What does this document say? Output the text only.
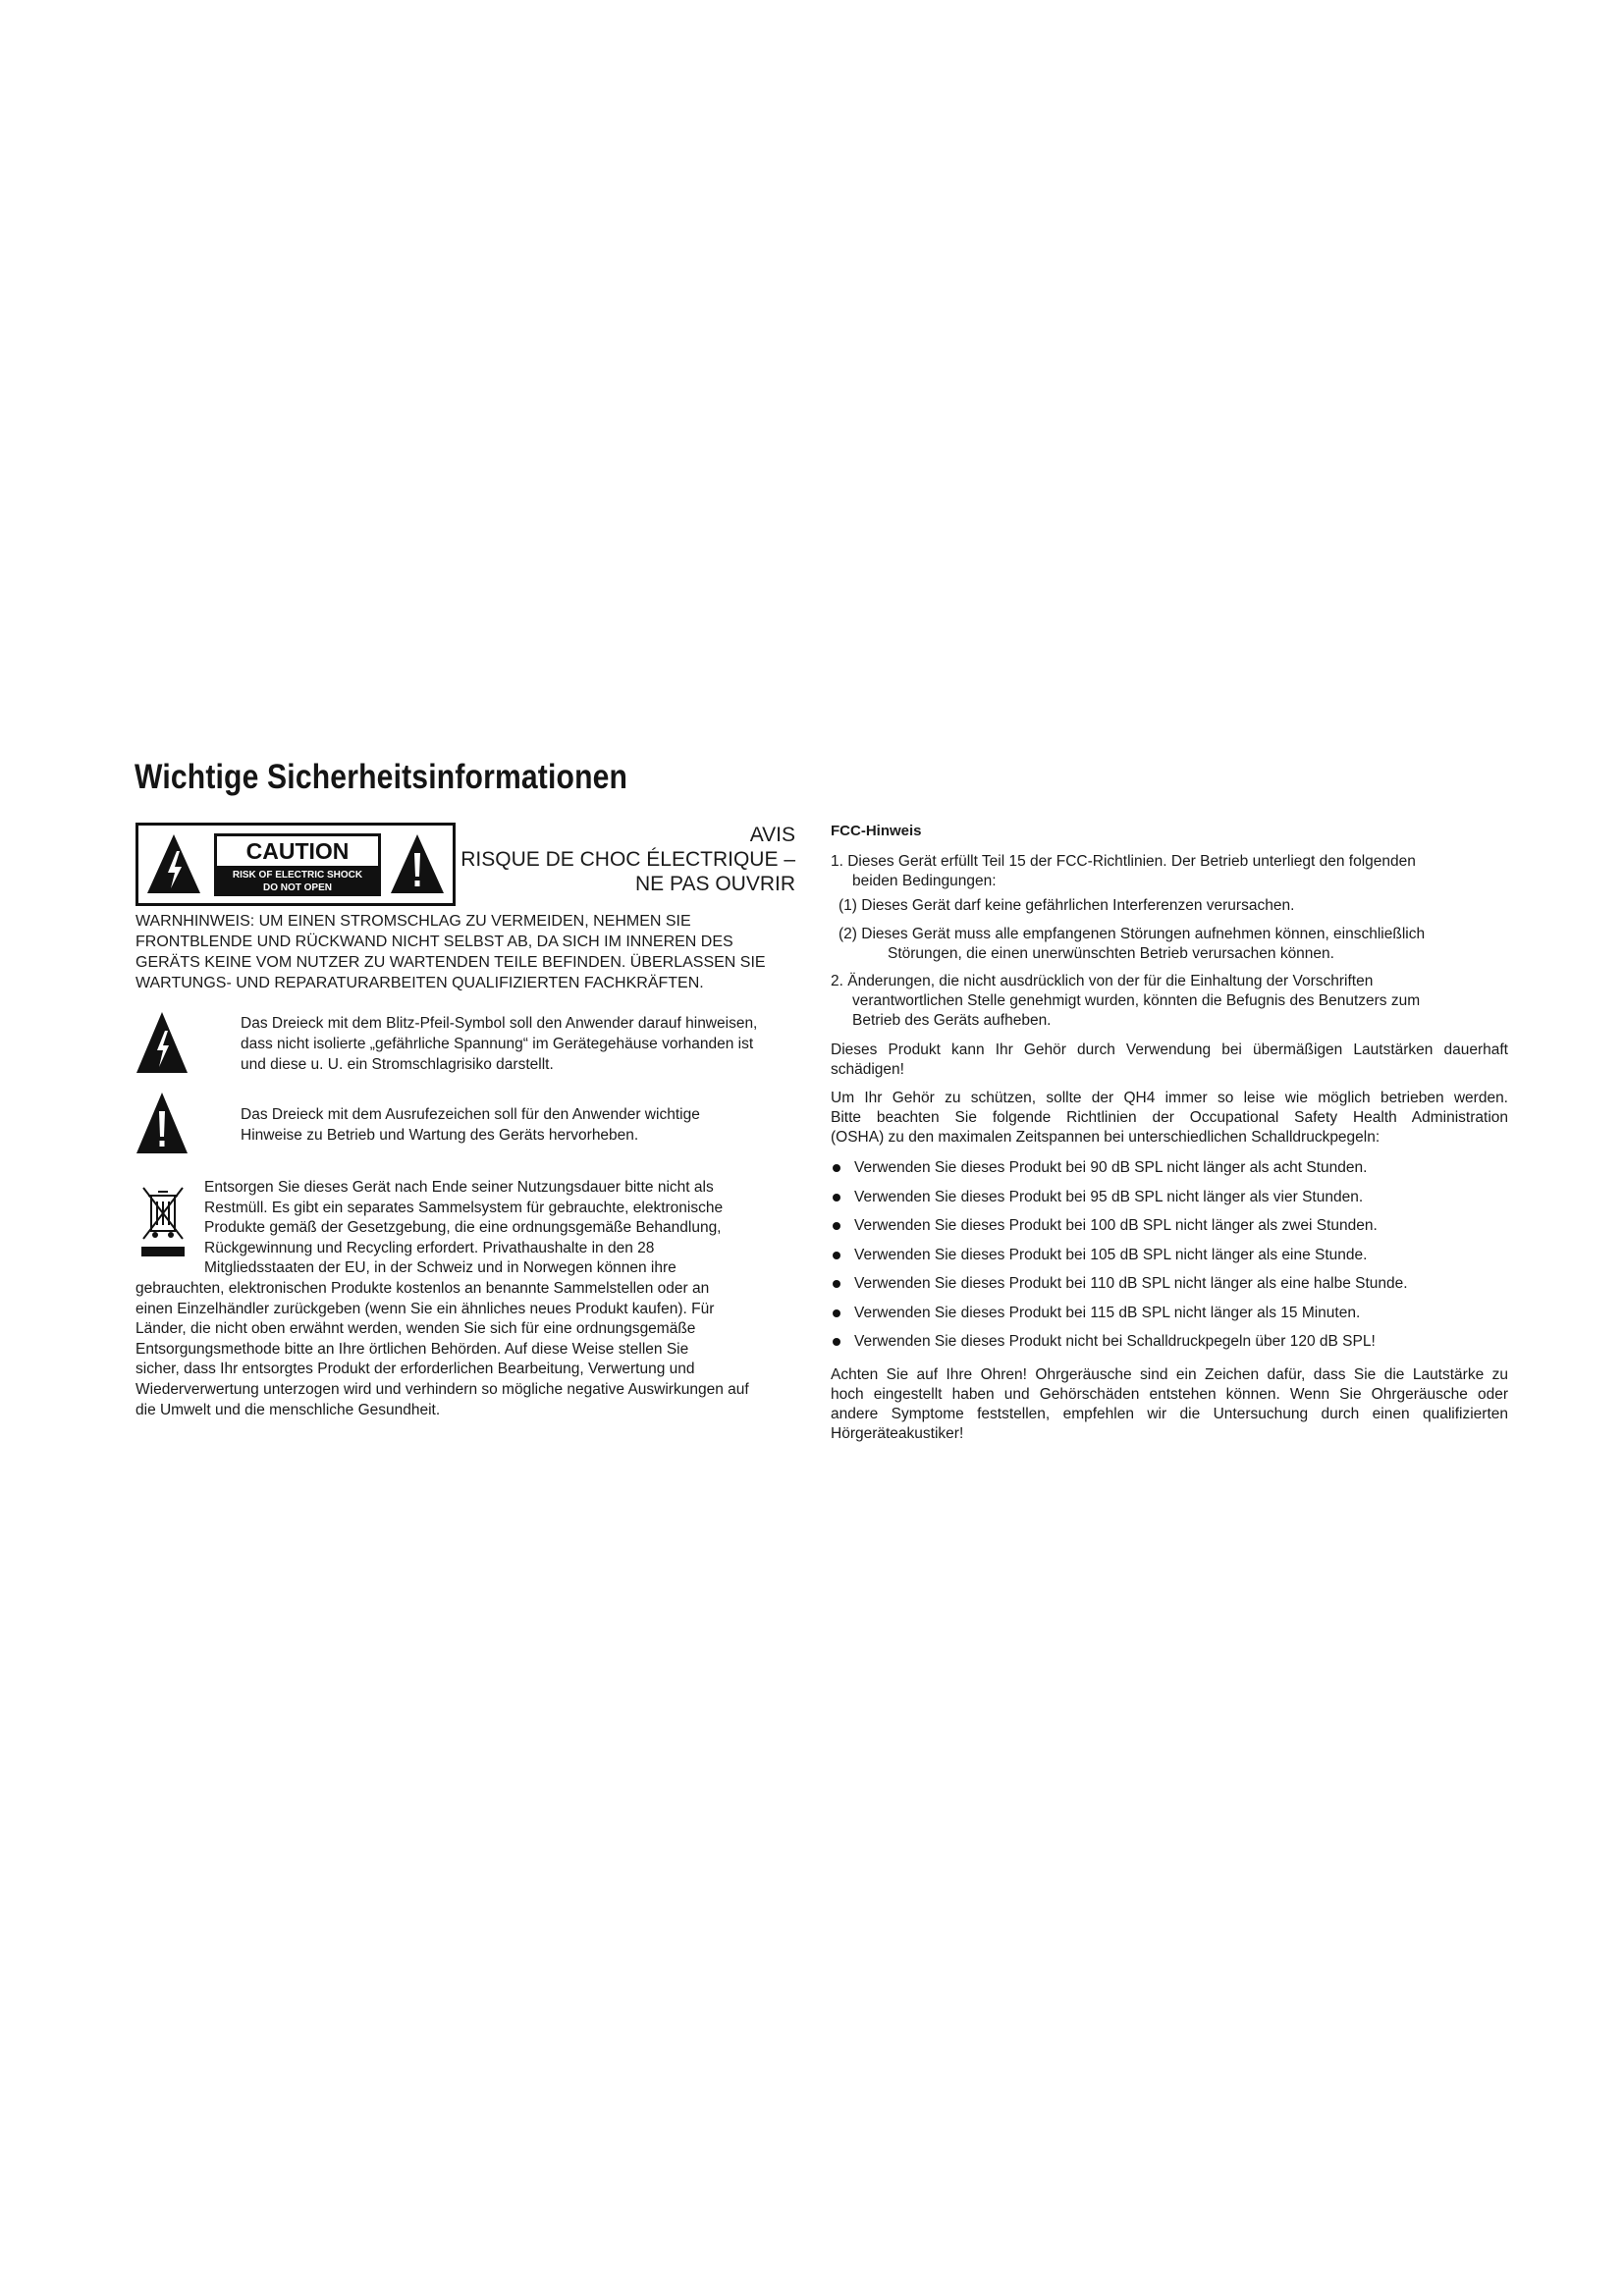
Wichtige Sicherheitsinformationen
CAUTION
RISK OF ELECTRIC SHOCK
DO NOT OPEN
AVIS
RISQUE DE CHOC ÉLECTRIQUE –
NE PAS OUVRIR
WARNHINWEIS: UM EINEN STROMSCHLAG ZU VERMEIDEN, NEHMEN SIE
FRONTBLENDE UND RÜCKWAND NICHT SELBST AB, DA SICH IM INNEREN DES
GERÄTS KEINE VOM NUTZER ZU WARTENDEN TEILE BEFINDEN. ÜBERLASSEN SIE
WARTUNGS- UND REPARATURARBEITEN QUALIFIZIERTEN FACHKRÄFTEN.
Das Dreieck mit dem Blitz-Pfeil-Symbol soll den Anwender darauf hinweisen,
dass nicht isolierte „gefährliche Spannung“ im Gerätegehäuse vorhanden ist
und diese u. U. ein Stromschlagrisiko darstellt.
Das Dreieck mit dem Ausrufezeichen soll für den Anwender wichtige
Hinweise zu Betrieb und Wartung des Geräts hervorheben.
Entsorgen Sie dieses Gerät nach Ende seiner Nutzungsdauer bitte nicht als
Restmüll. Es gibt ein separates Sammelsystem für gebrauchte, elektronische
Produkte gemäß der Gesetzgebung, die eine ordnungsgemäße Behandlung,
Rückgewinnung und Recycling erfordert. Privathaushalte in den 28
Mitgliedsstaaten der EU, in der Schweiz und in Norwegen können ihre
gebrauchten, elektronischen Produkte kostenlos an benannte Sammelstellen oder an
einen Einzelhändler zurückgeben (wenn Sie ein ähnliches neues Produkt kaufen). Für
Länder, die nicht oben erwähnt werden, wenden Sie sich für eine ordnungsgemäße
Entsorgungsmethode bitte an Ihre örtlichen Behörden. Auf diese Weise stellen Sie
sicher, dass Ihr entsorgtes Produkt der erforderlichen Bearbeitung, Verwertung und
Wiederverwertung unterzogen wird und verhindern so mögliche negative Auswirkungen auf
die Umwelt und die menschliche Gesundheit.
FCC-Hinweis
1. Dieses Gerät erfüllt Teil 15 der FCC-Richtlinien. Der Betrieb unterliegt den folgenden
beiden Bedingungen:
(1) Dieses Gerät darf keine gefährlichen Interferenzen verursachen.
(2) Dieses Gerät muss alle empfangenen Störungen aufnehmen können, einschließlich
Störungen, die einen unerwünschten Betrieb verursachen können.
2. Änderungen, die nicht ausdrücklich von der für die Einhaltung der Vorschriften
verantwortlichen Stelle genehmigt wurden, könnten die Befugnis des Benutzers zum
Betrieb des Geräts aufheben.
Dieses Produkt kann Ihr Gehör durch Verwendung bei übermäßigen Lautstärken dauerhaft
schädigen!
Um Ihr Gehör zu schützen, sollte der QH4 immer so leise wie möglich betrieben werden.
Bitte beachten Sie folgende Richtlinien der Occupational Safety Health Administration
(OSHA) zu den maximalen Zeitspannen bei unterschiedlichen Schalldruckpegeln:
Verwenden Sie dieses Produkt bei 90 dB SPL nicht länger als acht Stunden.
Verwenden Sie dieses Produkt bei 95 dB SPL nicht länger als vier Stunden.
Verwenden Sie dieses Produkt bei 100 dB SPL nicht länger als zwei Stunden.
Verwenden Sie dieses Produkt bei 105 dB SPL nicht länger als eine Stunde.
Verwenden Sie dieses Produkt bei 110 dB SPL nicht länger als eine halbe Stunde.
Verwenden Sie dieses Produkt bei 115 dB SPL nicht länger als 15 Minuten.
Verwenden Sie dieses Produkt nicht bei Schalldruckpegeln über 120 dB SPL!
Achten Sie auf Ihre Ohren! Ohrgeräusche sind ein Zeichen dafür, dass Sie die Lautstärke zu
hoch eingestellt haben und Gehörschäden entstehen können. Wenn Sie Ohrgeräusche oder
andere Symptome feststellen, empfehlen wir die Untersuchung durch einen qualifizierten
Hörgeräteakustiker!
